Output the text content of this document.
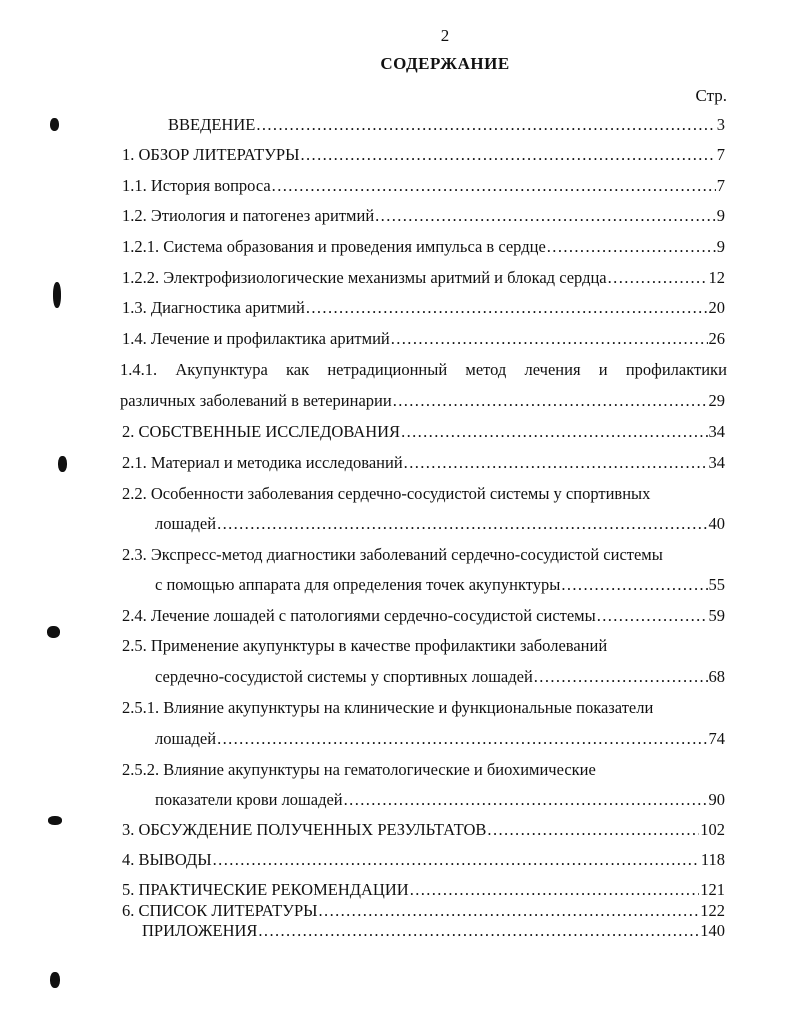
2
СОДЕРЖАНИЕ
Стр.
ВВЕДЕНИЕ .....	3
1. ОБЗОР ЛИТЕРАТУРЫ .....	7
1.1. История вопроса .....	7
1.2. Этиология и патогенез аритмий .....	9
1.2.1. Система образования и проведения импульса в сердце .....	9
1.2.2. Электрофизиологические механизмы аритмий и блокад сердца .....	12
1.3. Диагностика аритмий .....	20
1.4. Лечение и профилактика аритмий .....	26
1.4.1. Акупунктура как нетрадиционный метод лечения и профилактики
различных заболеваний в ветеринарии .....	29
2. СОБСТВЕННЫЕ ИССЛЕДОВАНИЯ .....	34
2.1. Материал и методика исследований .....	34
2.2. Особенности заболевания сердечно-сосудистой системы у спортивных
лошадей .....	40
2.3. Экспресс-метод диагностики заболеваний сердечно-сосудистой системы
с помощью аппарата для определения точек акупунктуры .....	55
2.4. Лечение лошадей с патологиями сердечно-сосудистой системы .....	59
2.5. Применение акупунктуры в качестве профилактики заболеваний
сердечно-сосудистой системы у спортивных лошадей .....	68
2.5.1. Влияние акупунктуры на клинические и функциональные показатели
лошадей .....	74
2.5.2. Влияние акупунктуры на гематологические и биохимические
показатели крови лошадей .....	90
3. ОБСУЖДЕНИЕ ПОЛУЧЕННЫХ РЕЗУЛЬТАТОВ .....	102
4. ВЫВОДЫ .....	118
5. ПРАКТИЧЕСКИЕ РЕКОМЕНДАЦИИ .....	121
6. СПИСОК ЛИТЕРАТУРЫ .....	122
ПРИЛОЖЕНИЯ .....	140
